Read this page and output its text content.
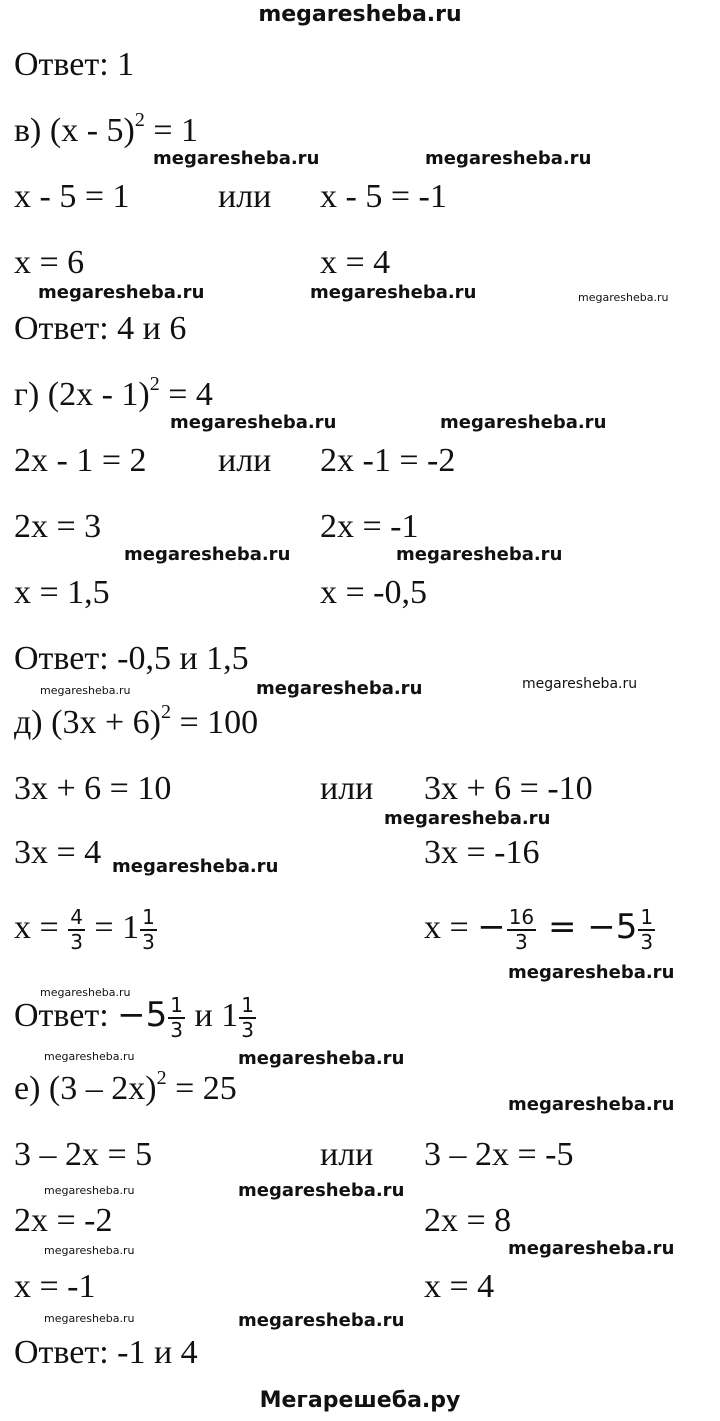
megaresheba.ru
Ответ: 1
в) (x - 5)$^2$ = 1
megaresheba.ru	megaresheba.ru
x - 5 = 1	или x - 5 = -1
x = 6	x = 4
megaresheba.ru	megaresheba.ru	megaresheba.ru
Ответ: 4 и 6
г) (2x - 1)$^2$ = 4
megaresheba.ru	megaresheba.ru
2x - 1 = 2 или 2x -1 = -2
2x = 3	2x = -1
megaresheba.ru	megaresheba.ru
x = 1,5	x = -0,5
Ответ: -0,5 и 1,5
megaresheba.ru	megaresheba.ru	megaresheba.ru
д) $(3x + 6)^2 = 100$
3x + 6 = 10	или 3x + 6 = -10
megaresheba.ru
3x = 4	3x = -16
megaresheba.ru
$x = \frac{4}{3} = 1 \frac{1}{3}$	x = − $\frac{16}{3} = -5 \frac{1}{3}$
megaresheba.ru
megaresheba.ru
Ответ: $-5 \frac{1}{3}$ и $1 \frac{1}{3}$
megaresheba.ru	megaresheba.ru
е) (3 – 2x)$^2$ = 25	megaresheba.ru
3 – 2x = 5	или 3 – 2x = -5
megaresheba.ru	megaresheba.ru
2x = -2	2x = 8
megaresheba.ru	megaresheba.ru
x = -1	x = 4
megaresheba.ru	megaresheba.ru
Ответ: -1 и 4
Мегарешеба.ру
